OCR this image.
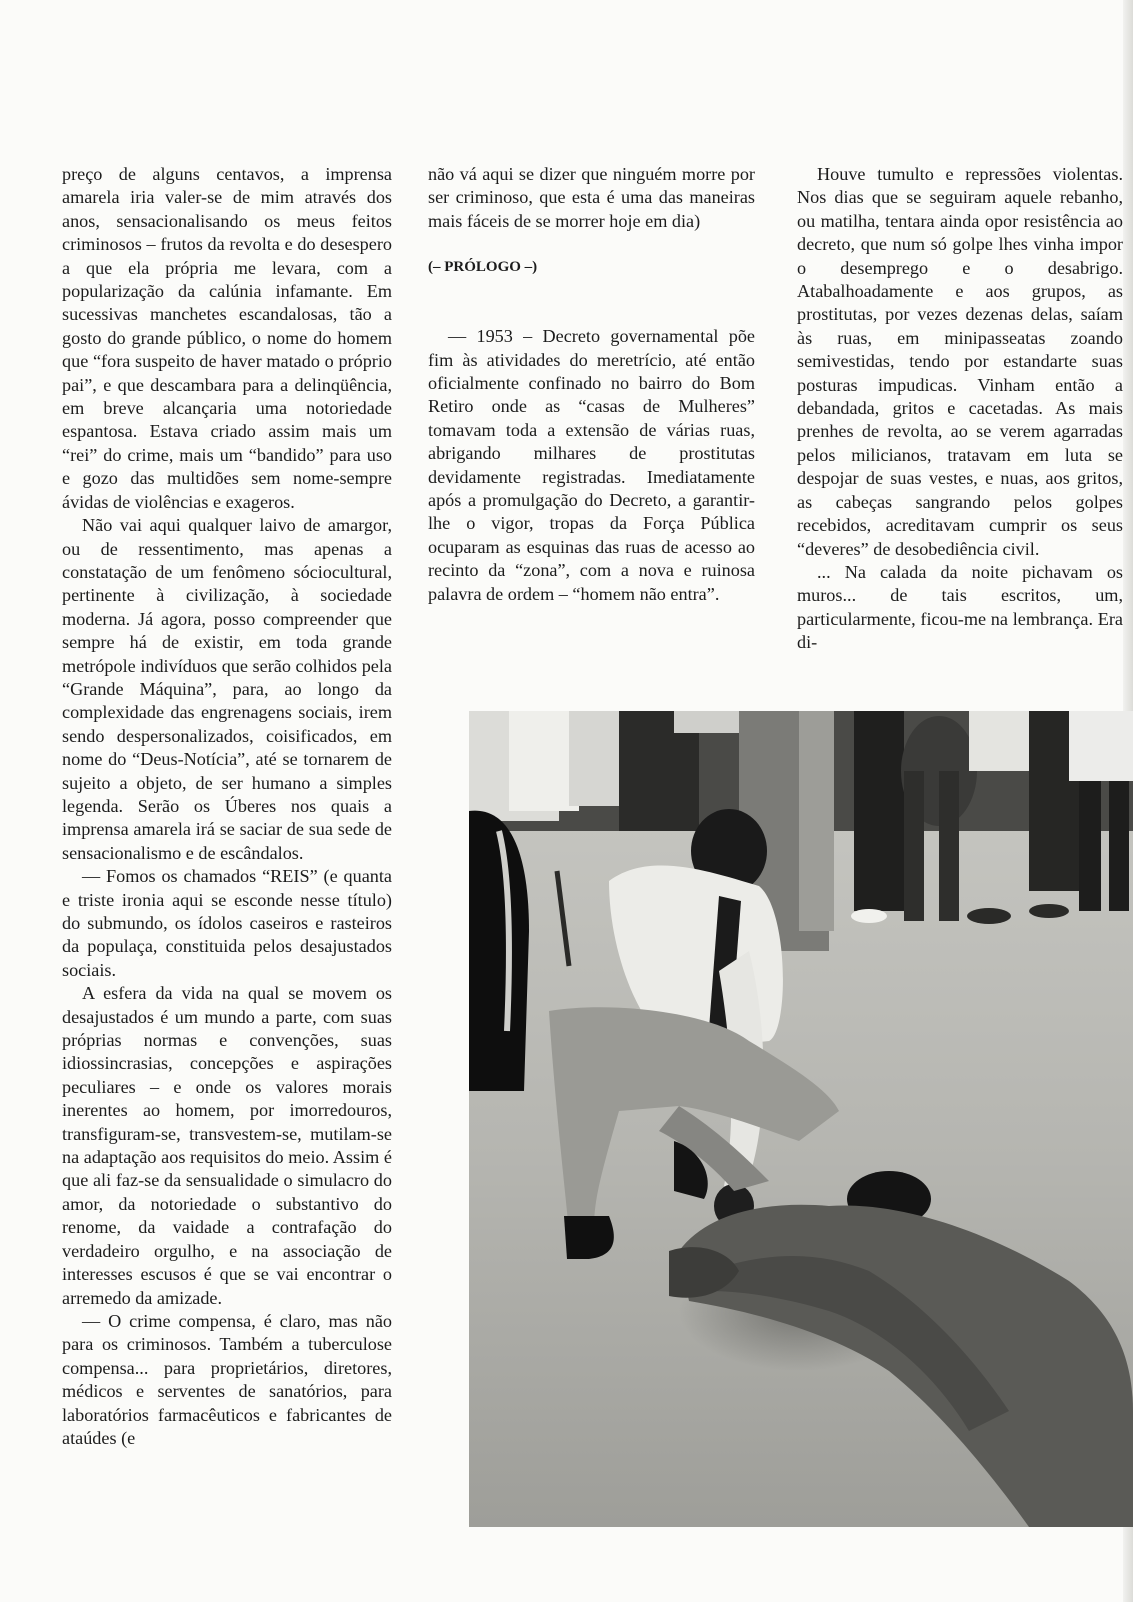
preço de alguns centavos, a imprensa amarela iria valer-se de mim através dos anos, sensacionalisando os meus feitos criminosos – frutos da revolta e do desespero a que ela própria me levara, com a popularização da calúnia infamante. Em sucessivas manchetes escandalosas, tão a gosto do grande público, o nome do homem que “fora suspeito de haver matado o próprio pai”, e que descambara para a delinqüência, em breve alcançaria uma notoriedade espantosa. Estava criado assim mais um “rei” do crime, mais um “bandido” para uso e gozo das multidões sem nome-sempre ávidas de violências e exageros.

Não vai aqui qualquer laivo de amargor, ou de ressentimento, mas apenas a constatação de um fenômeno sóciocultural, pertinente à civilização, à sociedade moderna. Já agora, posso compreender que sempre há de existir, em toda grande metrópole indivíduos que serão colhidos pela “Grande Máquina”, para, ao longo da complexidade das engrenagens sociais, irem sendo despersonalizados, coisificados, em nome do “Deus-Notícia”, até se tornarem de sujeito a objeto, de ser humano a simples legenda. Serão os Úberes nos quais a imprensa amarela irá se saciar de sua sede de sensacionalismo e de escândalos.

— Fomos os chamados “REIS” (e quanta e triste ironia aqui se esconde nesse título) do submundo, os ídolos caseiros e rasteiros da populaça, constituida pelos desajustados sociais.

A esfera da vida na qual se movem os desajustados é um mundo a parte, com suas próprias normas e convenções, suas idiossincrasias, concepções e aspirações peculiares – e onde os valores morais inerentes ao homem, por imorredouros, transfiguram-se, transvestem-se, mutilam-se na adaptação aos requisitos do meio. Assim é que ali faz-se da sensualidade o simulacro do amor, da notoriedade o substantivo do renome, da vaidade a contrafação do verdadeiro orgulho, e na associação de interesses escusos é que se vai encontrar o arremedo da amizade.

— O crime compensa, é claro, mas não para os criminosos. Também a tuberculose compensa... para proprietários, diretores, médicos e serventes de sanatórios, para laboratórios farmacêuticos e fabricantes de ataúdes (e

não vá aqui se dizer que ninguém morre por ser criminoso, que esta é uma das maneiras mais fáceis de se morrer hoje em dia)

(– PRÓLOGO –)

— 1953 – Decreto governamental põe fim às atividades do meretrício, até então oficialmente confinado no bairro do Bom Retiro onde as “casas de Mulheres” tomavam toda a extensão de várias ruas, abrigando milhares de prostitutas devidamente registradas. Imediatamente após a promulgação do Decreto, a garantir-lhe o vigor, tropas da Força Pública ocuparam as esquinas das ruas de acesso ao recinto da “zona”, com a nova e ruinosa palavra de ordem – “homem não entra”.

Houve tumulto e repressões violentas. Nos dias que se seguiram aquele rebanho, ou matilha, tentara ainda opor resistência ao decreto, que num só golpe lhes vinha impor o desemprego e o desabrigo. Atabalhoadamente e aos grupos, as prostitutas, por vezes dezenas delas, saíam às ruas, em minipasseatas zoando semivestidas, tendo por estandarte suas posturas impudicas. Vinham então a debandada, gritos e cacetadas. As mais prenhes de revolta, ao se verem agarradas pelos milicianos, tratavam em luta se despojar de suas vestes, e nuas, aos gritos, as cabeças sangrando pelos golpes recebidos, acreditavam cumprir os seus “deveres” de desobediência civil.

... Na calada da noite pichavam os muros... de tais escritos, um, particularmente, ficou-me na lembrança. Era di-
